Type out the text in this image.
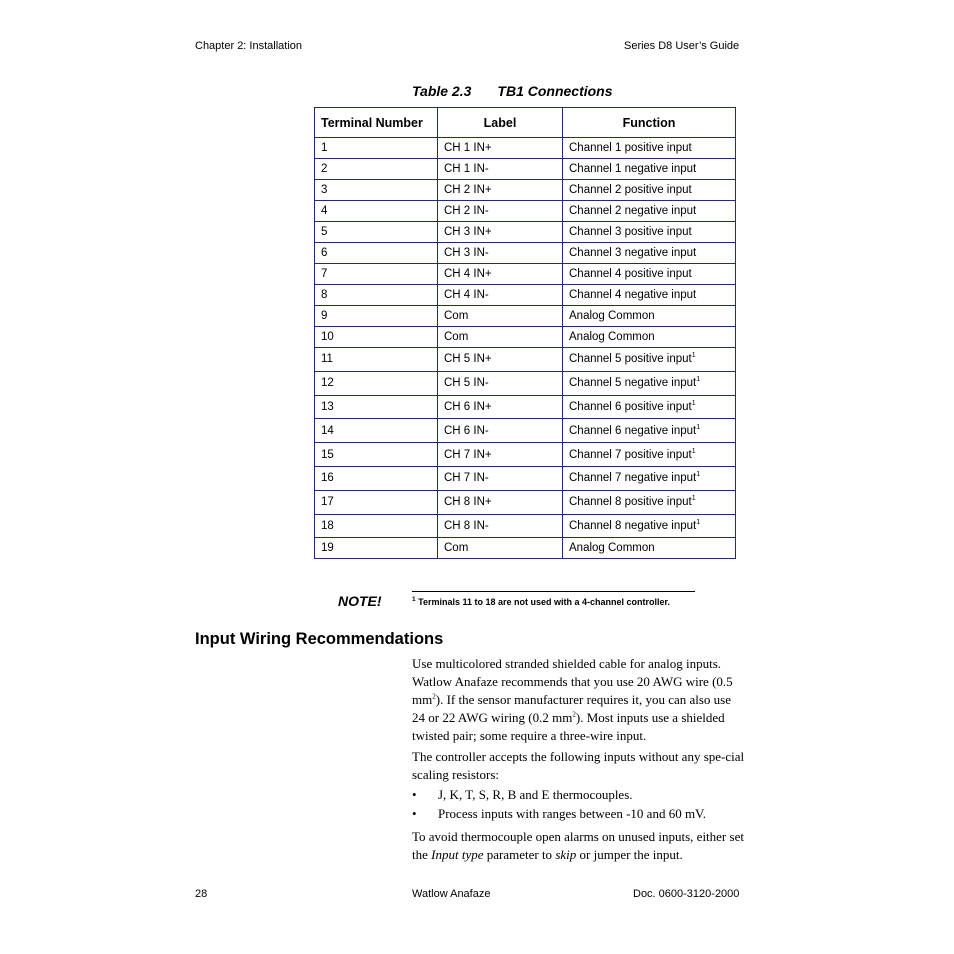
Chapter 2: Installation	Series D8 User’s Guide
Table 2.3 TB1 Connections
Terminal Number	Label	Function
1	CH 1 IN+	Channel 1 positive input
2	CH 1 IN-	Channel 1 negative input
3	CH 2 IN+	Channel 2 positive input
4	CH 2 IN-	Channel 2 negative input
5	CH 3 IN+	Channel 3 positive input
6	CH 3 IN-	Channel 3 negative input
7	CH 4 IN+	Channel 4 positive input
8	CH 4 IN-	Channel 4 negative input
9	Com	Analog Common
10	Com	Analog Common
11	CH 5 IN+	Channel 5 positive input$^1$
12	CH 5 IN-	Channel 5 negative input$^1$
13	CH 6 IN+	Channel 6 positive input$^1$
14	CH 6 IN-	Channel 6 negative input$^1$
15	CH 7 IN+	Channel 7 positive input$^1$
16	CH 7 IN-	Channel 7 negative input$^1$
17	CH 8 IN+	Channel 8 positive input$^1$
18	CH 8 IN-	Channel 8 negative input$^1$
19	Com	Analog Common
NOTE!	$^1$ Terminals 11 to 18 are not used with a 4-channel controller.
Input Wiring Recommendations

Use multicolored stranded shielded cable for analog inputs. Watlow Anafaze recommends that you use 20 AWG wire (0.5 $mm^2$). If the sensor manufacturer requires it, you can also use 24 or 22 AWG wiring (0.2 $mm^2$). Most inputs use a shielded twisted pair; some require a three-wire input.

The controller accepts the following inputs without any spe-cial scaling resistors:

• J, K, T, S, R, B and E thermocouples.
• Process inputs with ranges between -10 and 60 mV.

To avoid thermocouple open alarms on unused inputs, either set the Input type parameter to skip or jumper the input.

28	Watlow Anafaze	Doc. 0600-3120-2000
